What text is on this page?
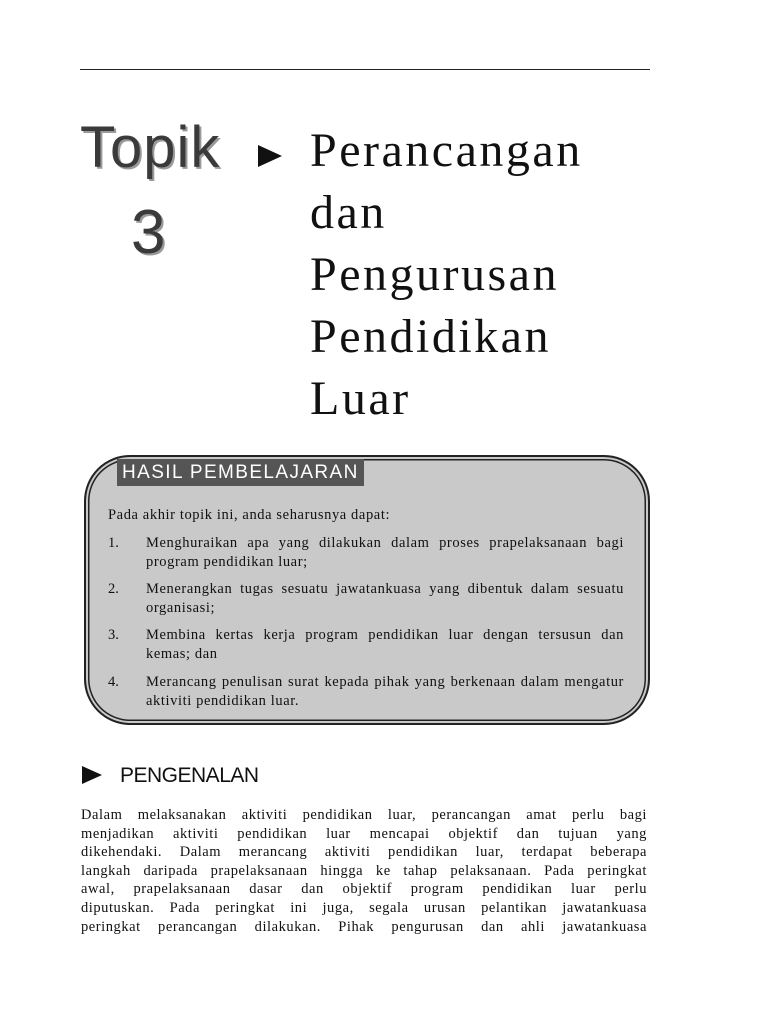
Topik
3
Perancangan
dan
Pengurusan
Pendidikan
Luar
HASIL PEMBELAJARAN
Pada akhir topik ini, anda seharusnya dapat:
1. Menghuraikan apa yang dilakukan dalam proses prapelaksanaan bagi program pendidikan luar;
2. Menerangkan tugas sesuatu jawatankuasa yang dibentuk dalam sesuatu organisasi;
3. Membina kertas kerja program pendidikan luar dengan tersusun dan kemas; dan
4. Merancang penulisan surat kepada pihak yang berkenaan dalam mengatur aktiviti pendidikan luar.
PENGENALAN
Dalam melaksanakan aktiviti pendidikan luar, perancangan amat perlu bagi
menjadikan aktiviti pendidikan luar mencapai objektif dan tujuan yang
dikehendaki. Dalam merancang aktiviti pendidikan luar, terdapat beberapa
langkah daripada prapelaksanaan hingga ke tahap pelaksanaan. Pada peringkat
awal, prapelaksanaan dasar dan objektif program pendidikan luar perlu
diputuskan. Pada peringkat ini juga, segala urusan pelantikan jawatankuasa
peringkat perancangan dilakukan. Pihak pengurusan dan ahli jawatankuasa
